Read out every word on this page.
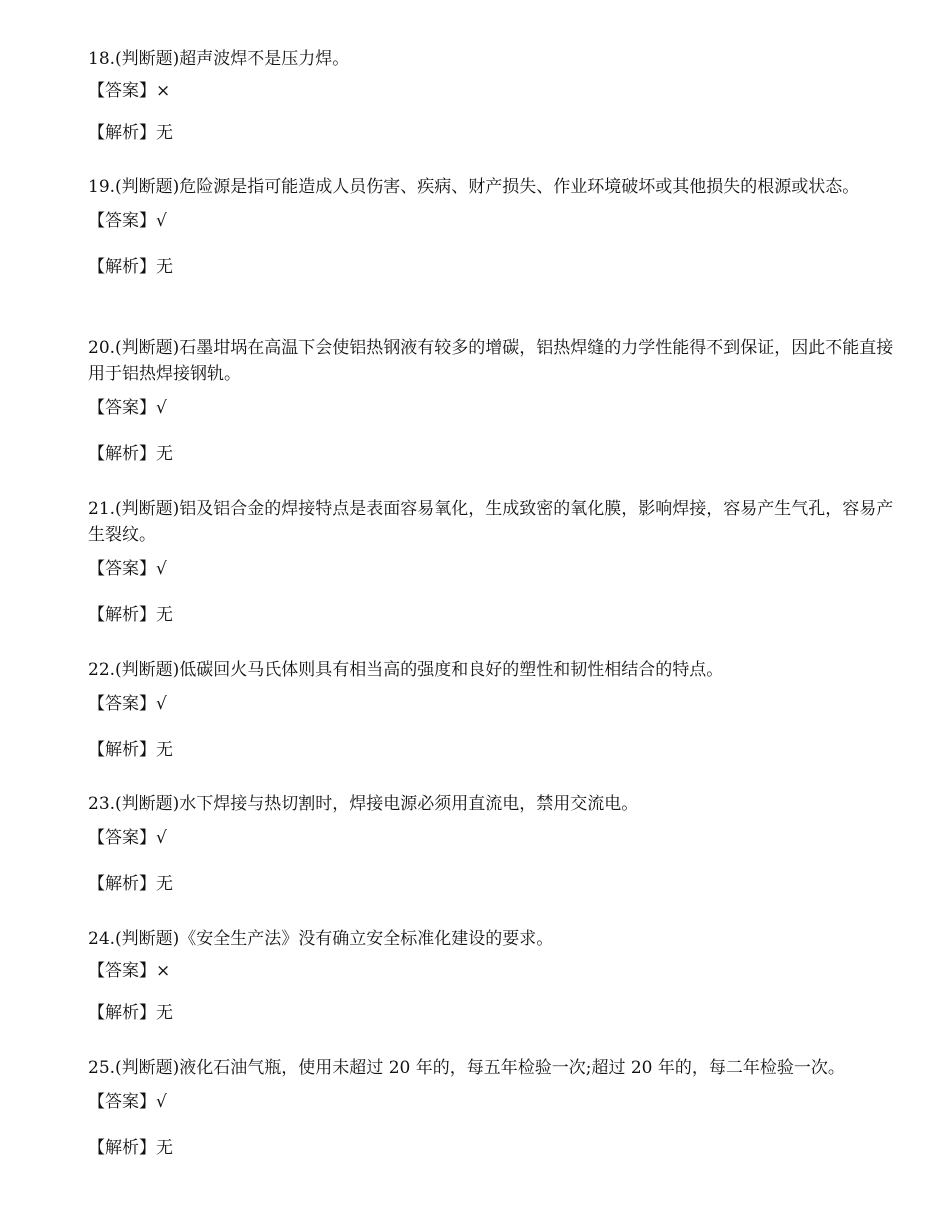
18.(判断题)超声波焊不是压力焊。

【答案】×

【解析】无

19.(判断题)危险源是指可能造成人员伤害、疾病、财产损失、作业环境破坏或其他损失的根源或状态。

【答案】√

【解析】无

20.(判断题)石墨坩埚在高温下会使铝热钢液有较多的增碳，铝热焊缝的力学性能得不到保证，因此不能直接用于铝热焊接钢轨。

【答案】√

【解析】无

21.(判断题)铝及铝合金的焊接特点是表面容易氧化，生成致密的氧化膜，影响焊接，容易产生气孔，容易产生裂纹。

【答案】√

【解析】无

22.(判断题)低碳回火马氏体则具有相当高的强度和良好的塑性和韧性相结合的特点。

【答案】√

【解析】无

23.(判断题)水下焊接与热切割时，焊接电源必须用直流电，禁用交流电。

【答案】√

【解析】无

24.(判断题)《安全生产法》没有确立安全标准化建设的要求。

【答案】×

【解析】无

25.(判断题)液化石油气瓶，使用未超过 20 年的，每五年检验一次;超过 20 年的，每二年检验一次。

【答案】√

【解析】无
